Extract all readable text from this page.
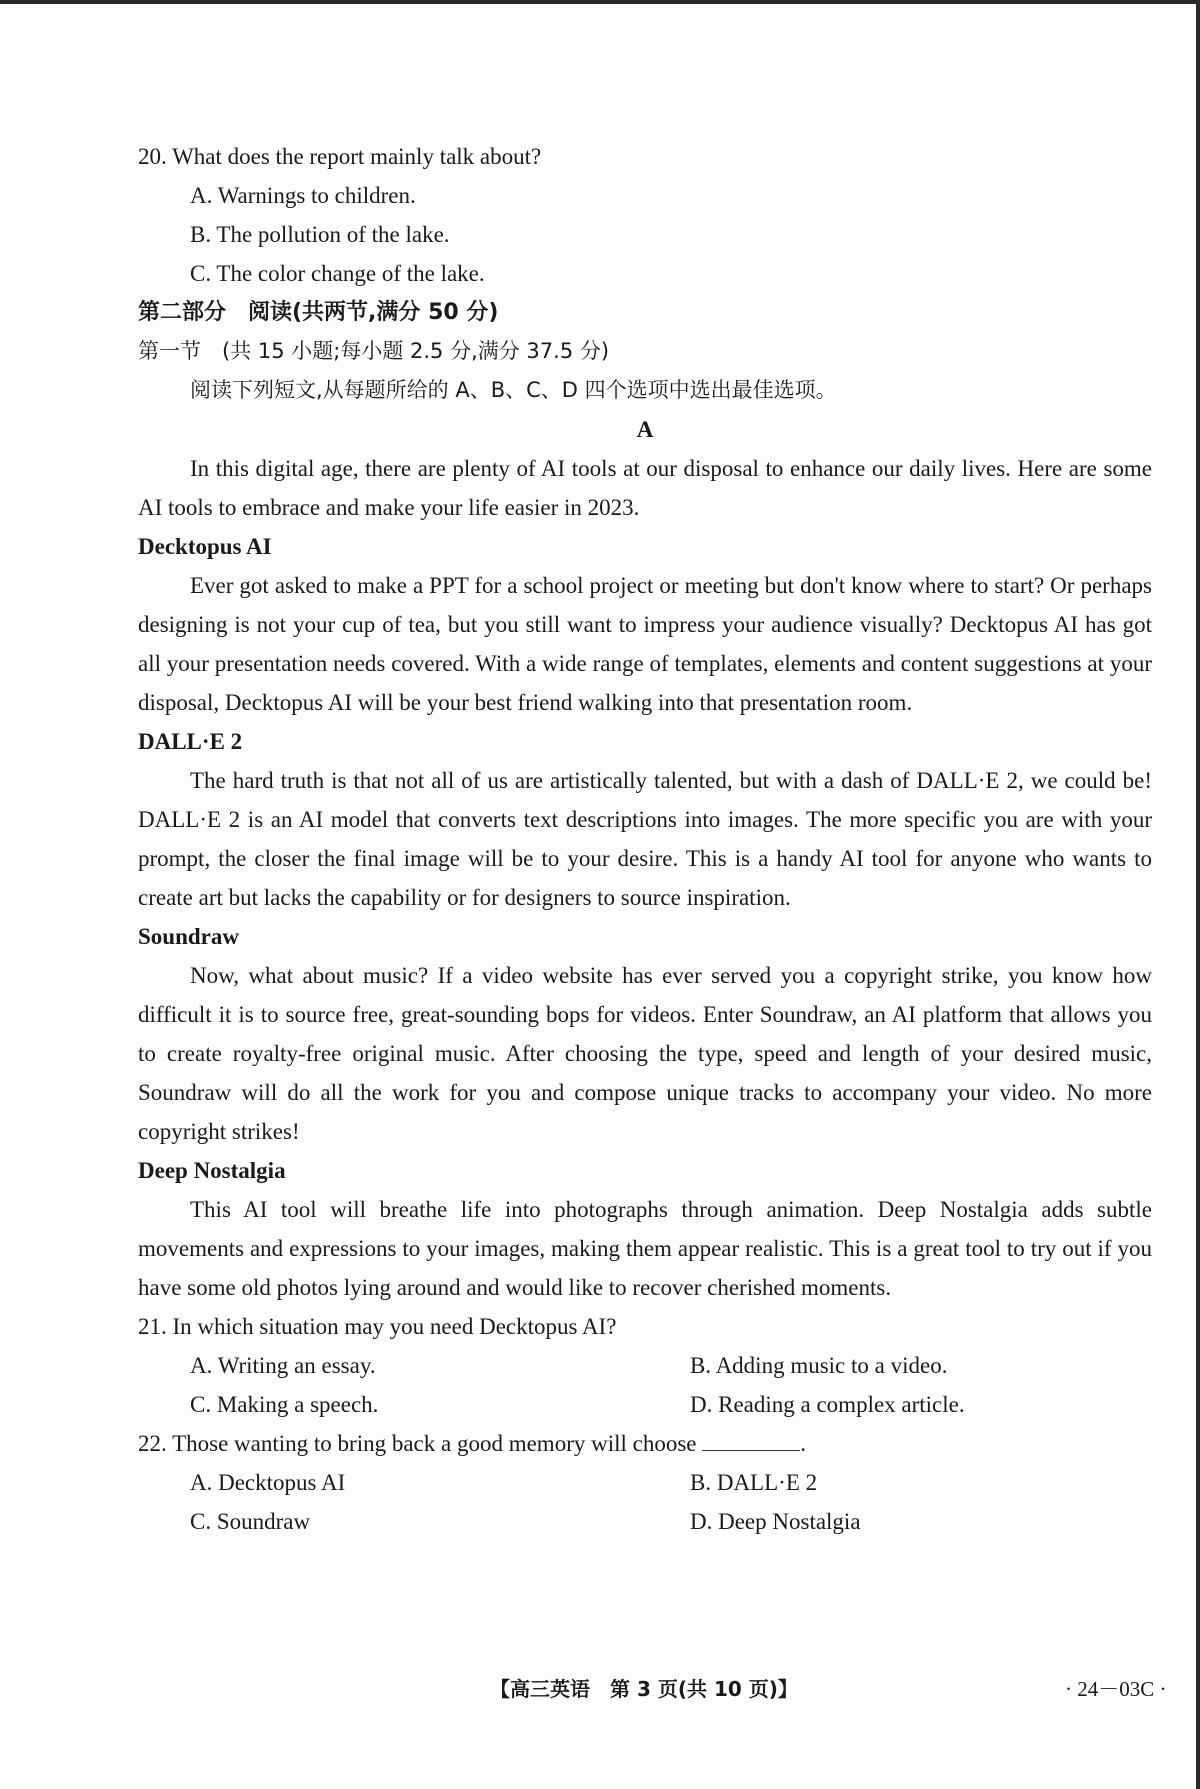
20. What does the report mainly talk about?

A. Warnings to children.

B. The pollution of the lake.

C. The color change of the lake.

第二部分　阅读(共两节,满分 50 分)

第一节　(共 15 小题;每小题 2.5 分,满分 37.5 分)

阅读下列短文,从每题所给的 A、B、C、D 四个选项中选出最佳选项。

A

In this digital age, there are plenty of AI tools at our disposal to enhance our daily lives. Here are some AI tools to embrace and make your life easier in 2023.

Decktopus AI

Ever got asked to make a PPT for a school project or meeting but don't know where to start? Or perhaps designing is not your cup of tea, but you still want to impress your audience visually? Decktopus AI has got all your presentation needs covered. With a wide range of templates, elements and content suggestions at your disposal, Decktopus AI will be your best friend walking into that presentation room.

DALL·E 2

The hard truth is that not all of us are artistically talented, but with a dash of DALL·E 2, we could be! DALL·E 2 is an AI model that converts text descriptions into images. The more specific you are with your prompt, the closer the final image will be to your desire. This is a handy AI tool for anyone who wants to create art but lacks the capability or for designers to source inspiration.

Soundraw

Now, what about music? If a video website has ever served you a copyright strike, you know how difficult it is to source free, great-sounding bops for videos. Enter Soundraw, an AI platform that allows you to create royalty-free original music. After choosing the type, speed and length of your desired music, Soundraw will do all the work for you and compose unique tracks to accompany your video. No more copyright strikes!

Deep Nostalgia

This AI tool will breathe life into photographs through animation. Deep Nostalgia adds subtle movements and expressions to your images, making them appear realistic. This is a great tool to try out if you have some old photos lying around and would like to recover cherished moments.

21. In which situation may you need Decktopus AI?

A. Writing an essay.	B. Adding music to a video.
C. Making a speech.	D. Reading a complex article.

22. Those wanting to bring back a good memory will choose	.

A. Decktopus AI	B. DALL·E 2
C. Soundraw	D. Deep Nostalgia
【高三英语　第 3 页(共 10 页)】	· 24－03C ·
